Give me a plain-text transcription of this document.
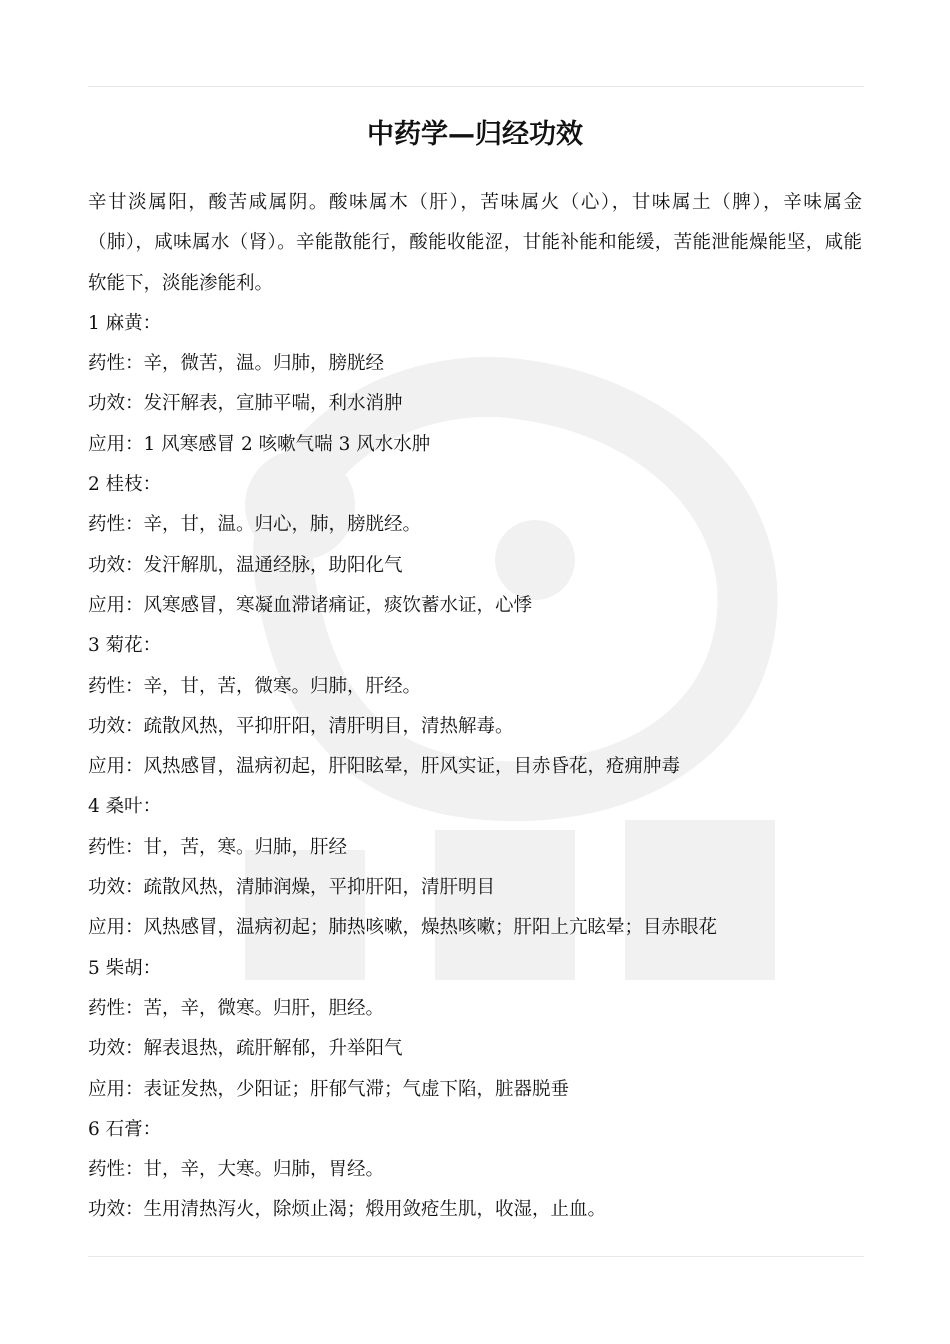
中药学—归经功效

辛甘淡属阳，酸苦咸属阴。酸味属木（肝），苦味属火（心），甘味属土（脾），辛味属金（肺），咸味属水（肾）。辛能散能行，酸能收能涩，甘能补能和能缓，苦能泄能燥能坚，咸能软能下，淡能渗能利。

1 麻黄：

药性：辛，微苦，温。归肺，膀胱经

功效：发汗解表，宣肺平喘，利水消肿

应用：1 风寒感冒 2 咳嗽气喘 3 风水水肿

2 桂枝：

药性：辛，甘，温。归心，肺，膀胱经。

功效：发汗解肌，温通经脉，助阳化气

应用：风寒感冒，寒凝血滞诸痛证，痰饮蓄水证，心悸

3 菊花：

药性：辛，甘，苦，微寒。归肺，肝经。

功效：疏散风热，平抑肝阳，清肝明目，清热解毒。

应用：风热感冒，温病初起，肝阳眩晕，肝风实证，目赤昏花，疮痈肿毒

4 桑叶：

药性：甘，苦，寒。归肺，肝经

功效：疏散风热，清肺润燥，平抑肝阳，清肝明目

应用：风热感冒，温病初起；肺热咳嗽，燥热咳嗽；肝阳上亢眩晕；目赤眼花

5 柴胡：

药性：苦，辛，微寒。归肝，胆经。

功效：解表退热，疏肝解郁，升举阳气

应用：表证发热，少阳证；肝郁气滞；气虚下陷，脏器脱垂

6 石膏：

药性：甘，辛，大寒。归肺，胃经。

功效：生用清热泻火，除烦止渴；煅用敛疮生肌，收湿，止血。
